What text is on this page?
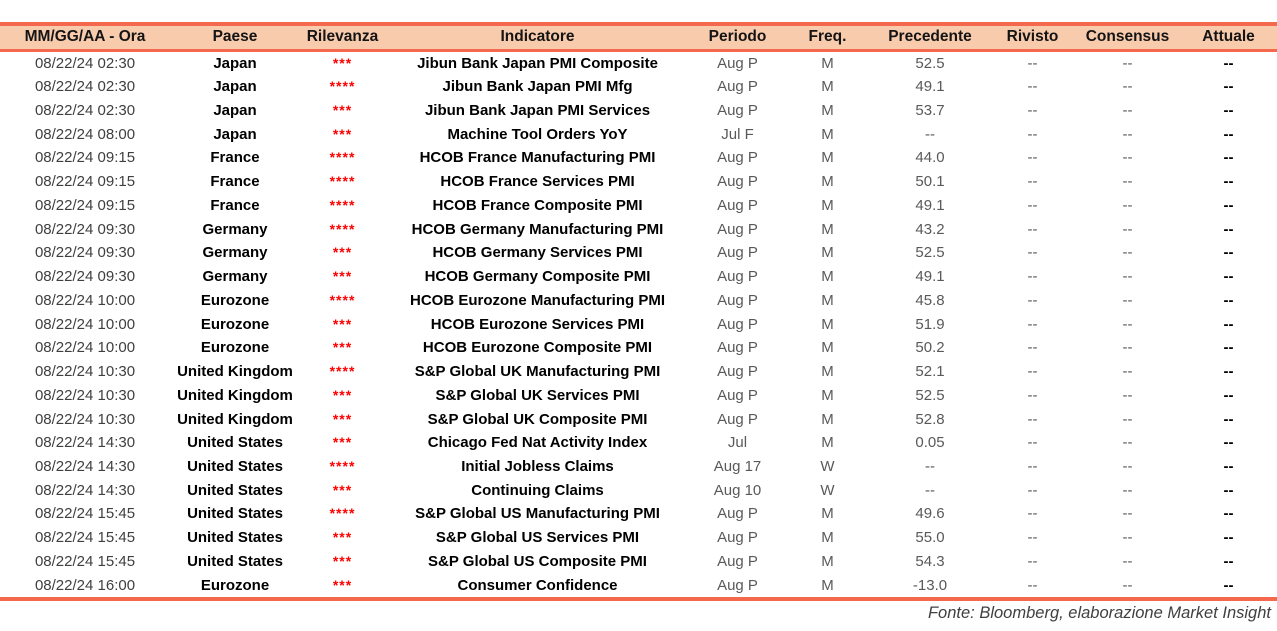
MM/GG/AA - Ora	Paese	Rilevanza	Indicatore	Periodo	Freq.	Precedente	Rivisto	Consensus	Attuale
08/22/24 02:30	Japan	***	Jibun Bank Japan PMI Composite	Aug P	M	52.5	--	--	--
08/22/24 02:30	Japan	****	Jibun Bank Japan PMI Mfg	Aug P	M	49.1	--	--	--
08/22/24 02:30	Japan	***	Jibun Bank Japan PMI Services	Aug P	M	53.7	--	--	--
08/22/24 08:00	Japan	***	Machine Tool Orders YoY	Jul F	M	--	--	--	--
08/22/24 09:15	France	****	HCOB France Manufacturing PMI	Aug P	M	44.0	--	--	--
08/22/24 09:15	France	****	HCOB France Services PMI	Aug P	M	50.1	--	--	--
08/22/24 09:15	France	****	HCOB France Composite PMI	Aug P	M	49.1	--	--	--
08/22/24 09:30	Germany	****	HCOB Germany Manufacturing PMI	Aug P	M	43.2	--	--	--
08/22/24 09:30	Germany	***	HCOB Germany Services PMI	Aug P	M	52.5	--	--	--
08/22/24 09:30	Germany	***	HCOB Germany Composite PMI	Aug P	M	49.1	--	--	--
08/22/24 10:00	Eurozone	****	HCOB Eurozone Manufacturing PMI	Aug P	M	45.8	--	--	--
08/22/24 10:00	Eurozone	***	HCOB Eurozone Services PMI	Aug P	M	51.9	--	--	--
08/22/24 10:00	Eurozone	***	HCOB Eurozone Composite PMI	Aug P	M	50.2	--	--	--
08/22/24 10:30	United Kingdom	****	S&P Global UK Manufacturing PMI	Aug P	M	52.1	--	--	--
08/22/24 10:30	United Kingdom	***	S&P Global UK Services PMI	Aug P	M	52.5	--	--	--
08/22/24 10:30	United Kingdom	***	S&P Global UK Composite PMI	Aug P	M	52.8	--	--	--
08/22/24 14:30	United States	***	Chicago Fed Nat Activity Index	Jul	M	0.05	--	--	--
08/22/24 14:30	United States	****	Initial Jobless Claims	Aug 17	W	--	--	--	--
08/22/24 14:30	United States	***	Continuing Claims	Aug 10	W	--	--	--	--
08/22/24 15:45	United States	****	S&P Global US Manufacturing PMI	Aug P	M	49.6	--	--	--
08/22/24 15:45	United States	***	S&P Global US Services PMI	Aug P	M	55.0	--	--	--
08/22/24 15:45	United States	***	S&P Global US Composite PMI	Aug P	M	54.3	--	--	--
08/22/24 16:00	Eurozone	***	Consumer Confidence	Aug P	M	-13.0	--	--	--
Fonte: Bloomberg, elaborazione Market Insight
